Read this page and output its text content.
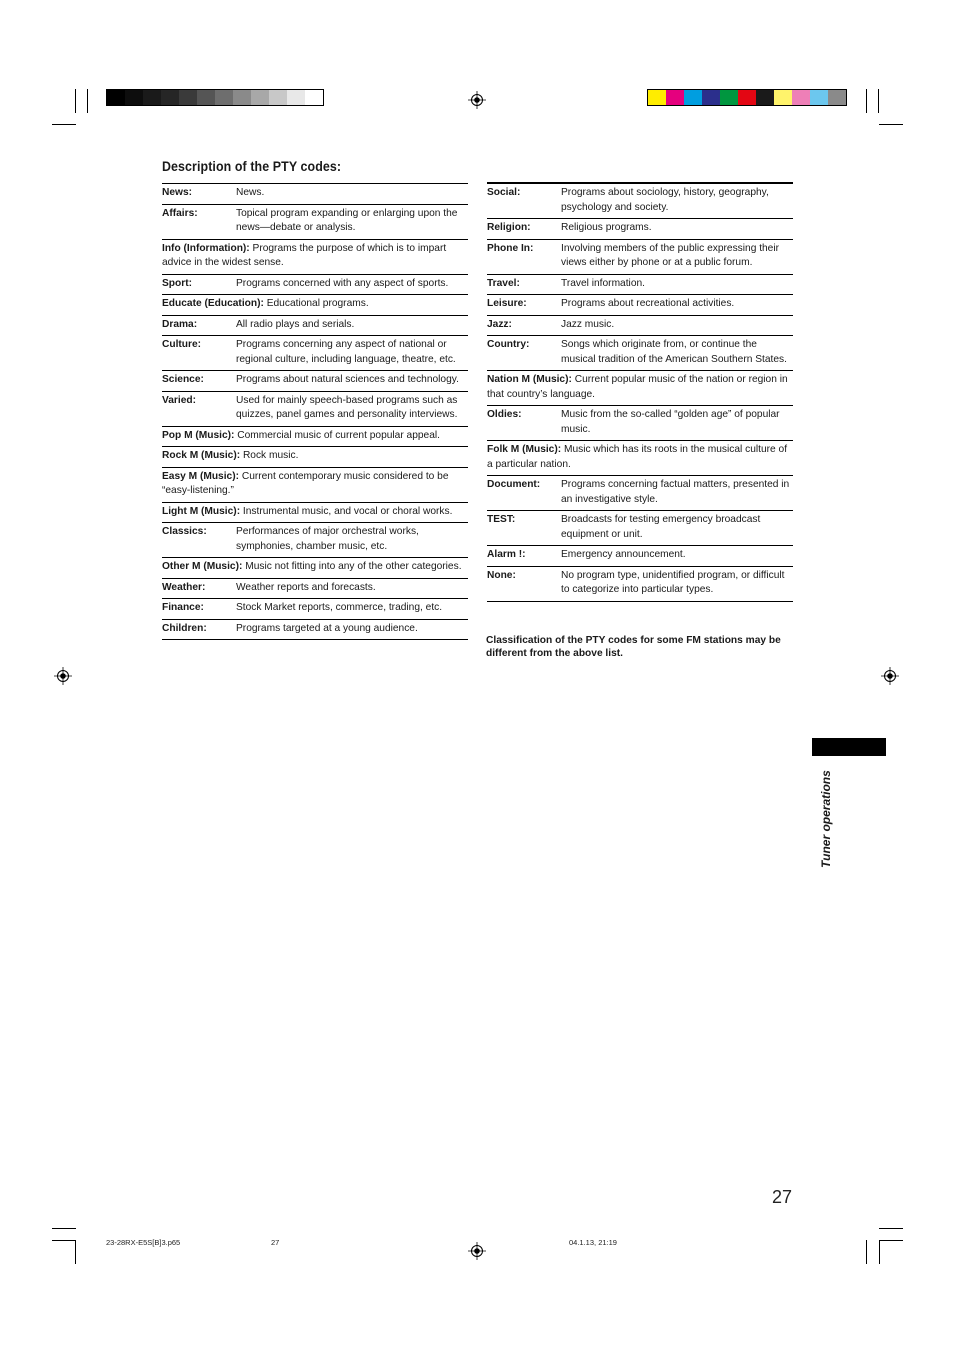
Description of the PTY codes:
News:	News.
Affairs:	Topical program expanding or enlarging upon the news—debate or analysis.
Info (Information): Programs the purpose of which is to impart advice in the widest sense.
Sport:	Programs concerned with any aspect of sports.
Educate (Education): Educational programs.
Drama:	All radio plays and serials.
Culture:	Programs concerning any aspect of national or regional culture, including language, theatre, etc.
Science:	Programs about natural sciences and technology.
Varied:	Used for mainly speech-based programs such as quizzes, panel games and personality interviews.
Pop M (Music): Commercial music of current popular appeal.
Rock M (Music): Rock music.
Easy M (Music): Current contemporary music considered to be “easy-listening.”
Light M (Music): Instrumental music, and vocal or choral works.
Classics:	Performances of major orchestral works, symphonies, chamber music, etc.
Other M (Music): Music not fitting into any of the other categories.
Weather:	Weather reports and forecasts.
Finance:	Stock Market reports, commerce, trading, etc.
Children:	Programs targeted at a young audience.
Social:	Programs about sociology, history, geography, psychology and society.
Religion:	Religious programs.
Phone In:	Involving members of the public expressing their views either by phone or at a public forum.
Travel:	Travel information.
Leisure:	Programs about recreational activities.
Jazz:	Jazz music.
Country:	Songs which originate from, or continue the musical tradition of the American Southern States.
Nation M (Music): Current popular music of the nation or region in that country’s language.
Oldies:	Music from the so-called “golden age” of popular music.
Folk M (Music): Music which has its roots in the musical culture of a particular nation.
Document: Programs concerning factual matters, presented in an investigative style.
TEST:	Broadcasts for testing emergency broadcast equipment or unit.
Alarm !:	Emergency announcement.
None:	No program type, unidentified program, or difficult to categorize into particular types.
Classification of the PTY codes for some FM stations may be different from the above list.
Tuner operations
27
23-28RX-E5S[B]3.p65	27	04.1.13, 21:19
